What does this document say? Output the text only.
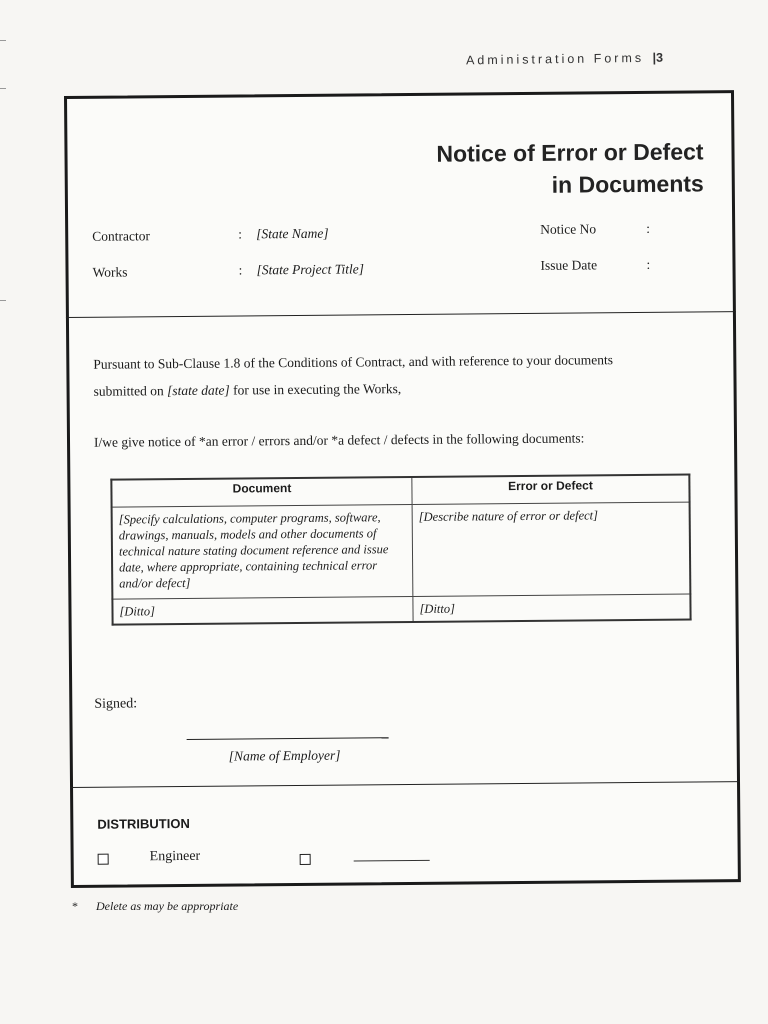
Administration Forms |3
Notice of Error or Defect
in Documents
Contractor	: [State Name]
Works	: [State Project Title]
Notice No	:
Issue Date	:
Pursuant to Sub-Clause 1.8 of the Conditions of Contract, and with reference to your documents
submitted on [state date] for use in executing the Works,
I/we give notice of *an error / errors and/or *a defect / defects in the following documents:
Document	Error or Defect
[Specify calculations, computer programs, software, drawings, manuals, models and other documents of technical nature stating document reference and issue date, where appropriate, containing technical error and/or defect]	[Describe nature of error or defect]
[Ditto]	[Ditto]
Signed:
[Name of Employer]
DISTRIBUTION
Engineer
* Delete as may be appropriate
